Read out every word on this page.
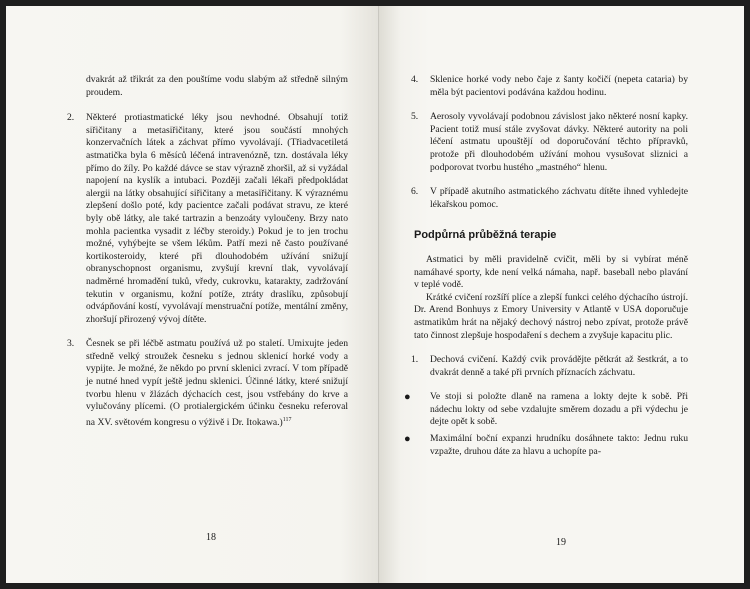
dvakrát až třikrát za den pouštíme vodu slabým až středně silným proudem.

2. Některé protiastmatické léky jsou nevhodné. Obsahují totiž siřičitany a metasiřičitany, které jsou součástí mnohých konzervačních látek a záchvat přímo vyvolávají. (Třiadvacetiletá astmatička byla 6 měsíců léčená intravenózně, tzn. dostávala léky přímo do žíly. Po každé dávce se stav výrazně zhoršil, až si vyžádal napojení na kyslík a intubaci. Později začali lékaři předpokládat alergii na látky obsahující siřičitany a metasiřičitany. K výraznému zlepšení došlo poté, kdy pacientce začali podávat stravu, ze které byly obě látky, ale také tartrazin a benzoáty vyloučeny. Brzy nato mohla pacientka vysadit z léčby steroidy.) Pokud je to jen trochu možné, vyhýbejte se všem lékům. Patří mezi ně často používané kortikosteroidy, které při dlouhodobém užívání snižují obranyschopnost organismu, zvyšují krevní tlak, vyvolávají nadměrné hromadění tuků, vředy, cukrovku, katarakty, zadržování tekutin v organismu, kožní potíže, ztráty draslíku, způsobují odvápňování kostí, vyvolávají menstruační potíže, mentální změny, zhoršují přirozený vývoj dítěte.

3. Česnek se při léčbě astmatu používá už po staletí. Umixujte jeden středně velký stroužek česneku s jednou sklenicí horké vody a vypijte. Je možné, že někdo po první sklenici zvrací. V tom případě je nutné hned vypít ještě jednu sklenici. Účinné látky, které snižují tvorbu hlenu v žlázách dýchacích cest, jsou vstřebány do krve a vylučovány plícemi. (O protialergickém účinku česneku referoval na XV. světovém kongresu o výživě i Dr. Itokawa.)$^{117}$

18
4. Sklenice horké vody nebo čaje z šanty kočičí (nepeta cataria) by měla být pacientovi podávána každou hodinu.

5. Aerosoly vyvolávají podobnou závislost jako některé nosní kapky. Pacient totiž musí stále zvyšovat dávky. Některé autority na poli léčení astmatu upouštějí od doporučování těchto přípravků, protože při dlouhodobém užívání mohou vysušovat sliznici a podporovat tvorbu hustého „mastného“ hlenu.

6. V případě akutního astmatického záchvatu dítěte ihned vyhledejte lékařskou pomoc.

Podpůrná průběžná terapie

Astmatici by měli pravidelně cvičit, měli by si vybírat méně namáhavé sporty, kde není velká námaha, např. baseball nebo plavání v teplé vodě.

Krátké cvičení rozšíří plíce a zlepší funkci celého dýchacího ústrojí. Dr. Arend Bonhuys z Emory University v Atlantě v USA doporučuje astmatikům hrát na nějaký dechový nástroj nebo zpívat, protože právě tato činnost zlepšuje hospodaření s dechem a zvyšuje kapacitu plic.

1. Dechová cvičení. Každý cvik provádějte pětkrát až šestkrát, a to dvakrát denně a také při prvních příznacích záchvatu.

● Ve stoji si položte dlaně na ramena a lokty dejte k sobě. Při nádechu lokty od sebe vzdalujte směrem dozadu a při výdechu je dejte opět k sobě.

● Maximální boční expanzi hrudníku dosáhnete takto: Jednu ruku vzpažte, druhou dáte za hlavu a uchopíte pa-

19
